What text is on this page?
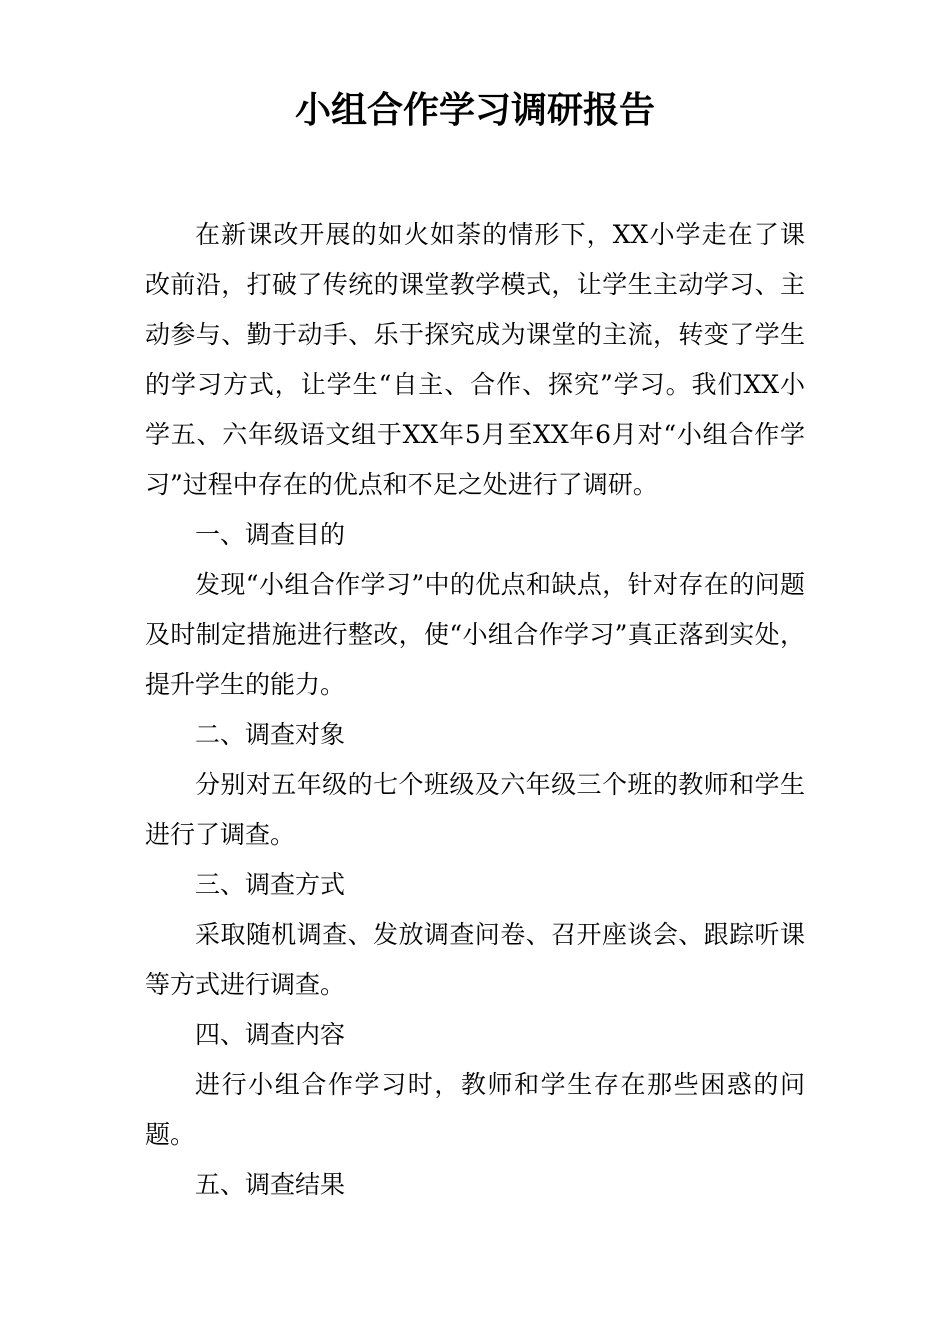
小组合作学习调研报告

在新课改开展的如火如荼的情形下，XX小学走在了课改前沿，打破了传统的课堂教学模式，让学生主动学习、主动参与、勤于动手、乐于探究成为课堂的主流，转变了学生的学习方式，让学生“自主、合作、探究”学习。我们XX小学五、六年级语文组于XX年5月至XX年6月对“小组合作学习”过程中存在的优点和不足之处进行了调研。

一、调查目的

发现“小组合作学习”中的优点和缺点，针对存在的问题及时制定措施进行整改，使“小组合作学习”真正落到实处，提升学生的能力。

二、调查对象

分别对五年级的七个班级及六年级三个班的教师和学生进行了调查。

三、调查方式

采取随机调查、发放调查问卷、召开座谈会、跟踪听课等方式进行调查。

四、调查内容

进行小组合作学习时，教师和学生存在那些困惑的问题。

五、调查结果
